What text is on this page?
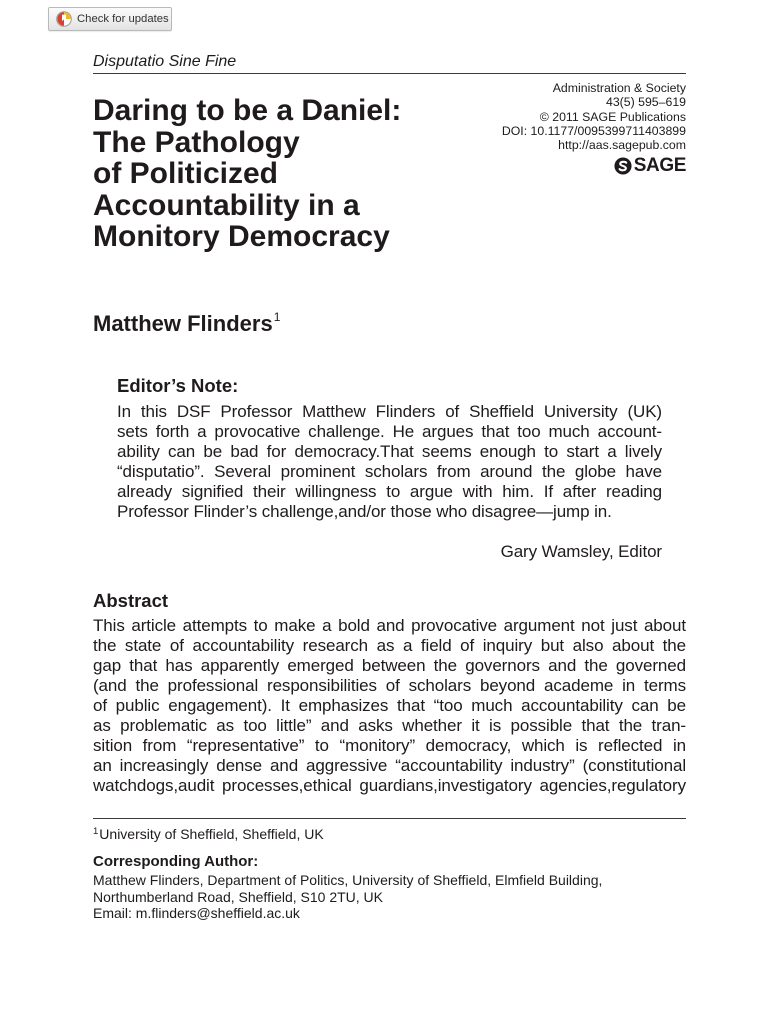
Check for updates
Disputatio Sine Fine
Administration & Society
43(5) 595–619
© 2011 SAGE Publications
DOI: 10.1177/0095399711403899
http://aas.sagepub.com
SAGE
Daring to be a Daniel:
The Pathology
of Politicized
Accountability in a
Monitory Democracy
Matthew Flinders$^1$
Editor’s Note:
In this DSF Professor Matthew Flinders of Sheffield University (UK)
sets forth a provocative challenge. He argues that too much account-
ability can be bad for democracy.That seems enough to start a lively
“disputatio”. Several prominent scholars from around the globe have
already signified their willingness to argue with him. If after reading
Professor Flinder’s challenge,and/or those who disagree—jump in.
Gary Wamsley, Editor
Abstract
This article attempts to make a bold and provocative argument not just about
the state of accountability research as a field of inquiry but also about the
gap that has apparently emerged between the governors and the governed
(and the professional responsibilities of scholars beyond academe in terms
of public engagement). It emphasizes that “too much accountability can be
as problematic as too little” and asks whether it is possible that the tran-
sition from “representative” to “monitory” democracy, which is reflected in
an increasingly dense and aggressive “accountability industry” (constitutional
watchdogs,audit processes,ethical guardians,investigatory agencies,regulatory
$^1$University of Sheffield, Sheffield, UK
Corresponding Author:
Matthew Flinders, Department of Politics, University of Sheffield, Elmfield Building,
Northumberland Road, Sheffield, S10 2TU, UK
Email: m.flinders@sheffield.ac.uk
